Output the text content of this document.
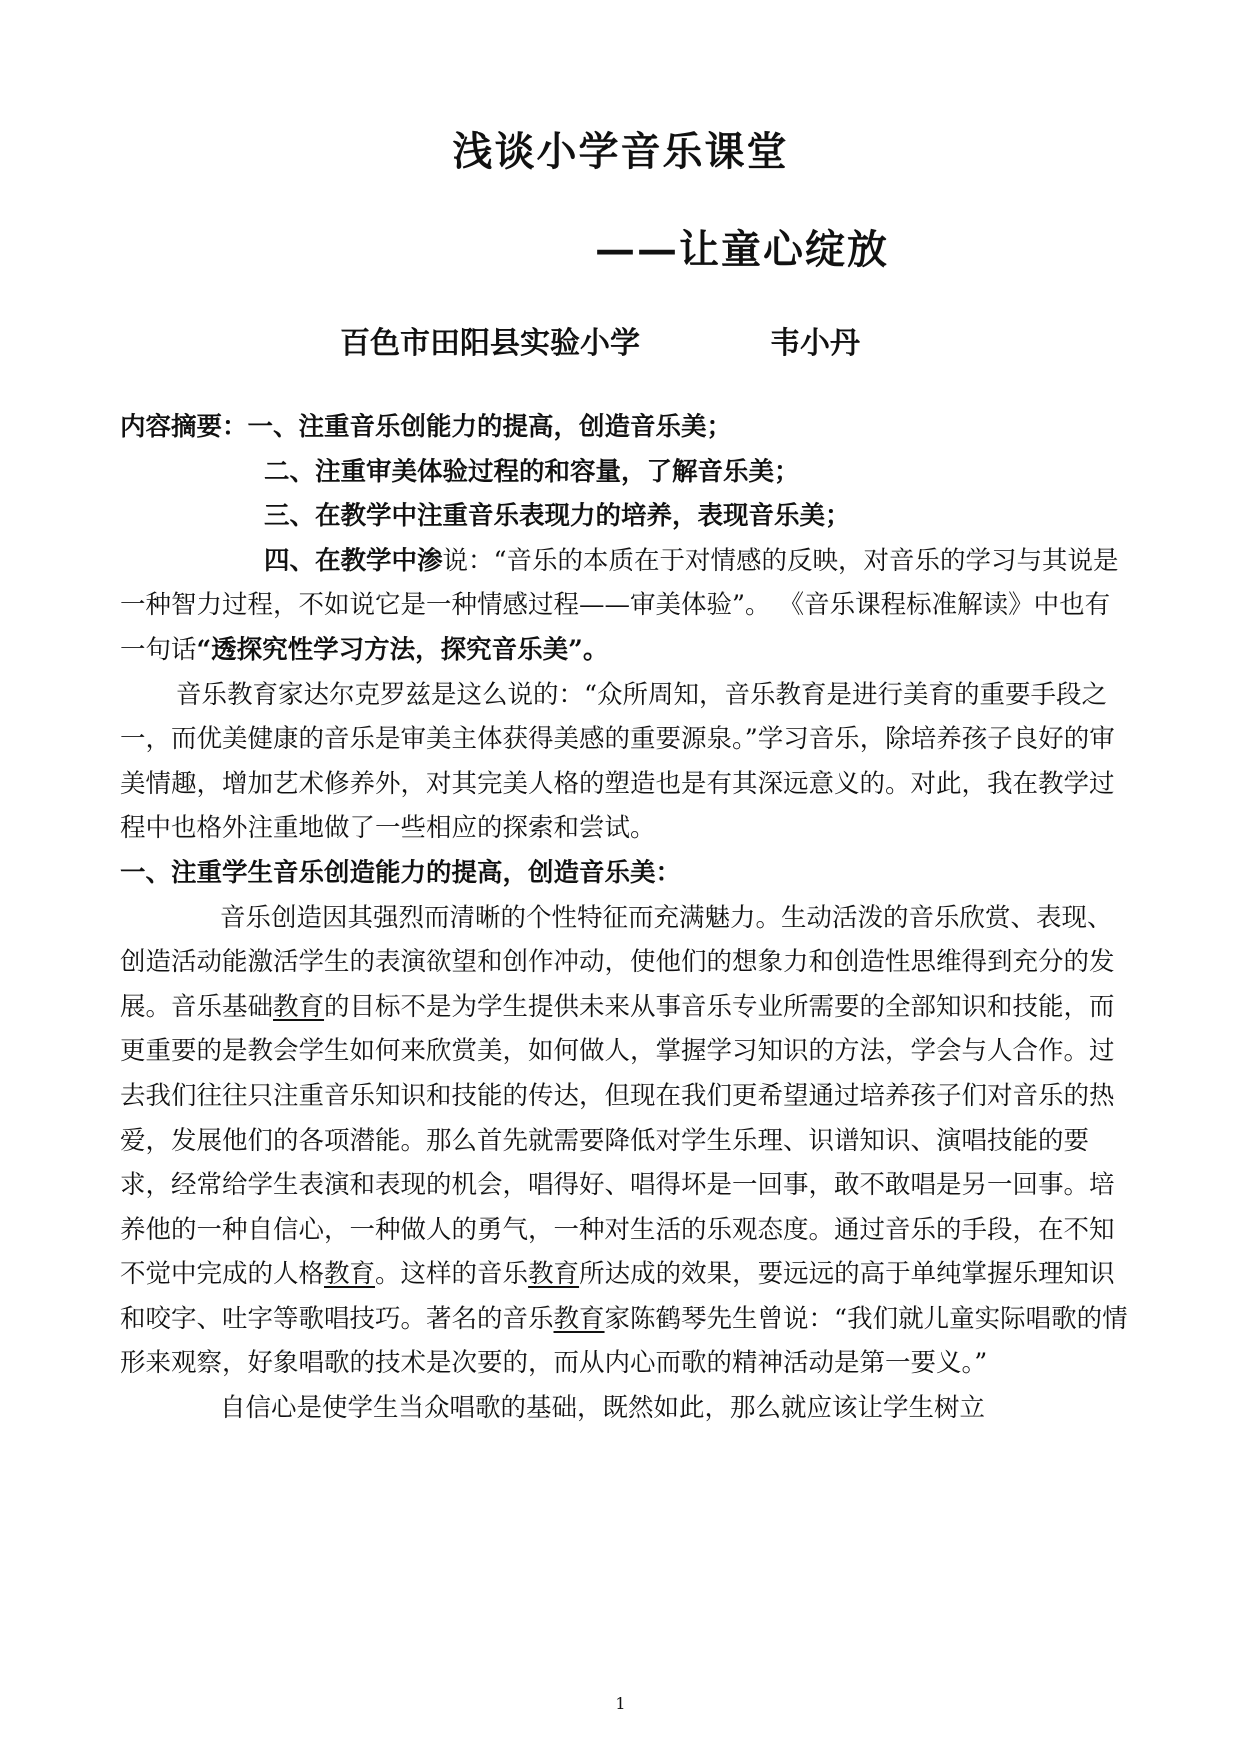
浅谈小学音乐课堂
——让童心绽放
百色市田阳县实验小学	韦小丹

内容摘要：一、注重音乐创能力的提高，创造音乐美；

二、注重审美体验过程的和容量，了解音乐美；

三、在教学中注重音乐表现力的培养，表现音乐美；

四、在教学中渗说：“音乐的本质在于对情感的反映，对音乐的学习与其说是一种智力过程，不如说它是一种情感过程——审美体验”。 《音乐课程标准解读》中也有一句话“透探究性学习方法，探究音乐美”。

音乐教育家达尔克罗兹是这么说的：“众所周知，音乐教育是进行美育的重要手段之一，而优美健康的音乐是审美主体获得美感的重要源泉。”学习音乐，除培养孩子良好的审美情趣，增加艺术修养外，对其完美人格的塑造也是有其深远意义的。对此，我在教学过程中也格外注重地做了一些相应的探索和尝试。

一、注重学生音乐创造能力的提高，创造音乐美：

音乐创造因其强烈而清晰的个性特征而充满魅力。生动活泼的音乐欣赏、表现、创造活动能激活学生的表演欲望和创作冲动，使他们的想象力和创造性思维得到充分的发展。音乐基础教育的目标不是为学生提供未来从事音乐专业所需要的全部知识和技能，而更重要的是教会学生如何来欣赏美，如何做人，掌握学习知识的方法，学会与人合作。过去我们往往只注重音乐知识和技能的传达，但现在我们更希望通过培养孩子们对音乐的热爱，发展他们的各项潜能。那么首先就需要降低对学生乐理、识谱知识、演唱技能的要求，经常给学生表演和表现的机会，唱得好、唱得坏是一回事，敢不敢唱是另一回事。培养他的一种自信心，一种做人的勇气，一种对生活的乐观态度。通过音乐的手段，在不知不觉中完成的人格教育。这样的音乐教育所达成的效果，要远远的高于单纯掌握乐理知识和咬字、吐字等歌唱技巧。著名的音乐教育家陈鹤琴先生曾说：“我们就儿童实际唱歌的情形来观察，好象唱歌的技术是次要的，而从内心而歌的精神活动是第一要义。”

自信心是使学生当众唱歌的基础，既然如此，那么就应该让学生树立

1
